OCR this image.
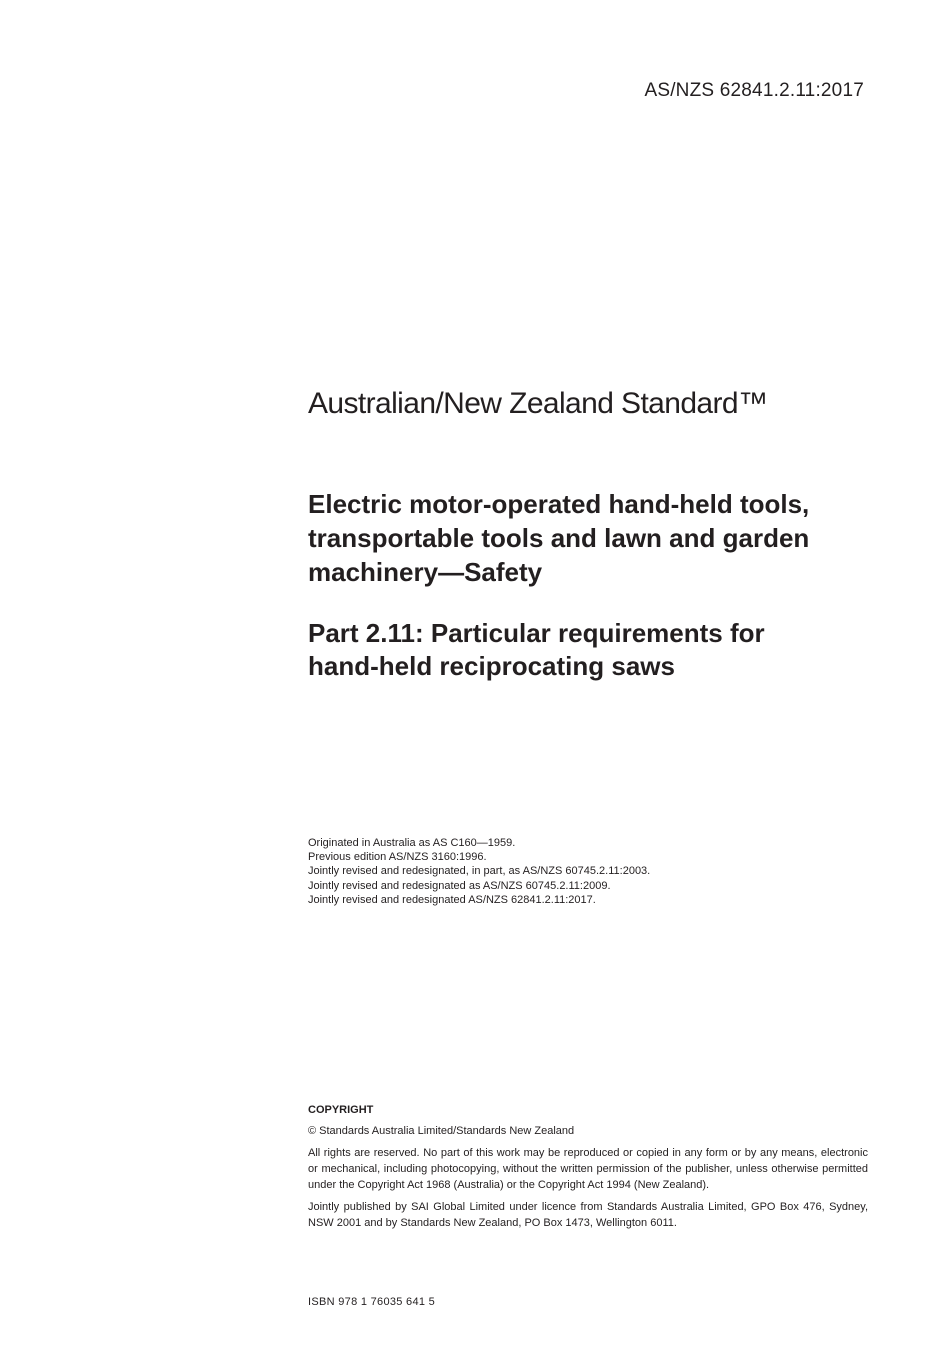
AS/NZS 62841.2.11:2017
Australian/New Zealand Standard™
Electric motor-operated hand-held tools,
transportable tools and lawn and garden
machinery—Safety
Part 2.11: Particular requirements for
hand-held reciprocating saws
Originated in Australia as AS C160—1959.
Previous edition AS/NZS 3160:1996.
Jointly revised and redesignated, in part, as AS/NZS 60745.2.11:2003.
Jointly revised and redesignated as AS/NZS 60745.2.11:2009.
Jointly revised and redesignated AS/NZS 62841.2.11:2017.
COPYRIGHT

© Standards Australia Limited/Standards New Zealand

All rights are reserved. No part of this work may be reproduced or copied in any form or by any means, electronic or mechanical, including photocopying, without the written permission of the publisher, unless otherwise permitted under the Copyright Act 1968 (Australia) or the Copyright Act 1994 (New Zealand).

Jointly published by SAI Global Limited under licence from Standards Australia Limited, GPO Box 476, Sydney, NSW 2001 and by Standards New Zealand, PO Box 1473, Wellington 6011.

ISBN 978 1 76035 641 5
